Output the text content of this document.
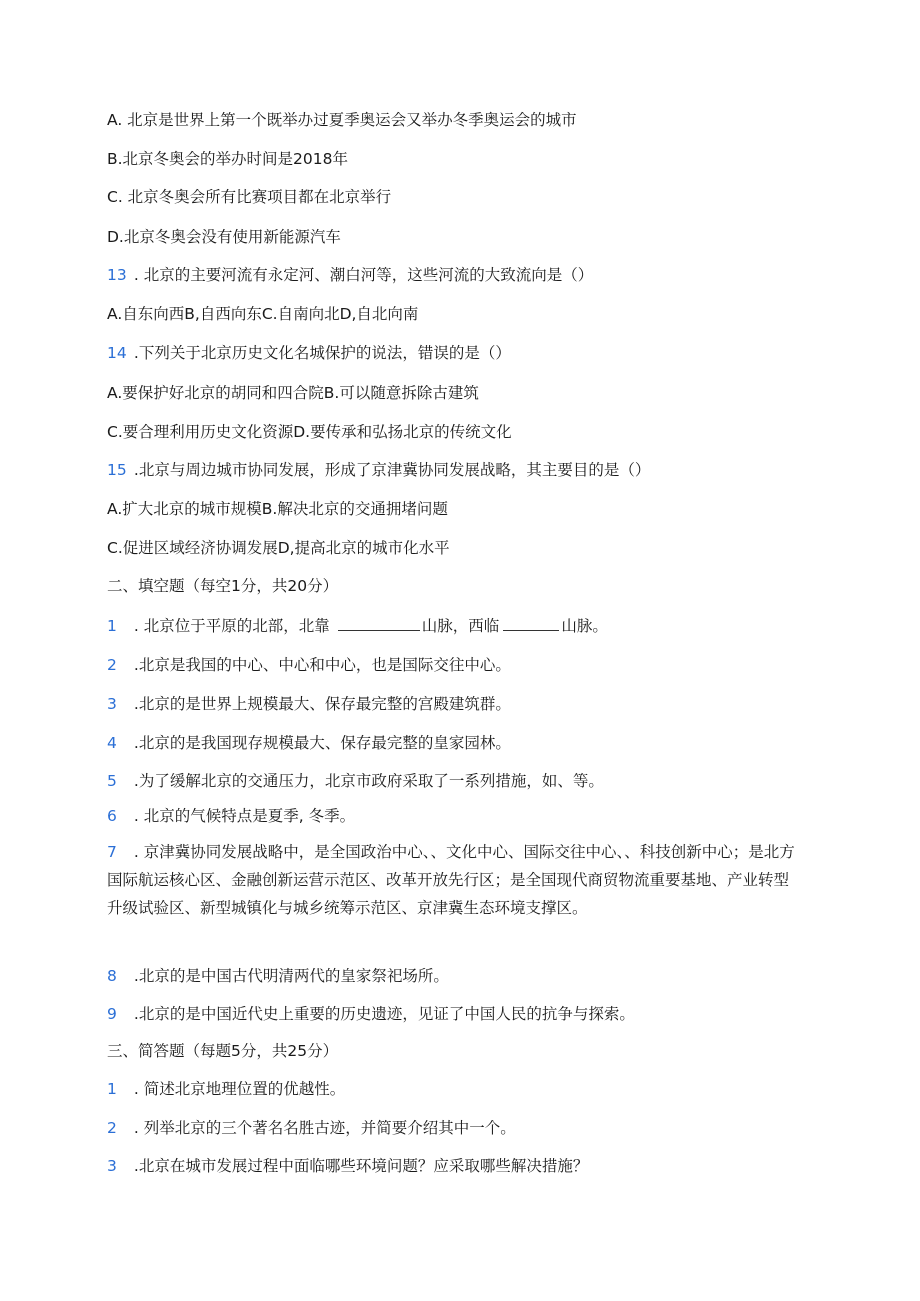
A. 北京是世界上第一个既举办过夏季奥运会又举办冬季奥运会的城市
B.北京冬奥会的举办时间是2018年
C. 北京冬奥会所有比赛项目都在北京举行
D.北京冬奥会没有使用新能源汽车
13 . 北京的主要河流有永定河、潮白河等，这些河流的大致流向是（）
A.自东向西B,自西向东C.自南向北D,自北向南
14 .下列关于北京历史文化名城保护的说法，错误的是（）
A.要保护好北京的胡同和四合院B.可以随意拆除古建筑
C.要合理利用历史文化资源D.要传承和弘扬北京的传统文化
15 .北京与周边城市协同发展，形成了京津冀协同发展战略，其主要目的是（）
A.扩大北京的城市规模B.解决北京的交通拥堵问题
C.促进区域经济协调发展D,提高北京的城市化水平
二、填空题（每空1分，共20分）
1 . 北京位于平原的北部，北靠	山脉，西临	山脉。
2 .北京是我国的中心、中心和中心，也是国际交往中心。
3 .北京的是世界上规模最大、保存最完整的宫殿建筑群。
4 .北京的是我国现存规模最大、保存最完整的皇家园林。
5 .为了缓解北京的交通压力，北京市政府采取了一系列措施，如、等。
6 . 北京的气候特点是夏季, 冬季。
7 . 京津冀协同发展战略中，是全国政治中心、、文化中心、国际交往中心、、科技创新中心；是北方国际航运核心区、金融创新运营示范区、改革开放先行区；是全国现代商贸物流重要基地、产业转型升级试验区、新型城镇化与城乡统筹示范区、京津冀生态环境支撑区。
8 .北京的是中国古代明清两代的皇家祭祀场所。
9 .北京的是中国近代史上重要的历史遗迹，见证了中国人民的抗争与探索。
三、简答题（每题5分，共25分）
1 . 简述北京地理位置的优越性。
2 . 列举北京的三个著名名胜古迹，并简要介绍其中一个。
3 .北京在城市发展过程中面临哪些环境问题？应采取哪些解决措施？
